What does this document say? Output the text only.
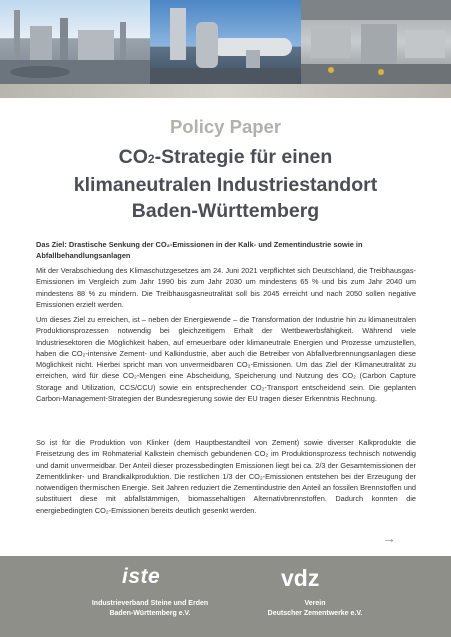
Policy Paper
CO2-Strategie für einen
klimaneutralen Industriestandort
Baden-Württemberg
Das Ziel: Drastische Senkung der CO₂-Emissionen in der Kalk- und Zementindustrie sowie in Abfallbehandlungsanlagen
Mit der Verabschiedung des Klimaschutzgesetzes am 24. Juni 2021 verpflichtet sich Deutschland, die Treibhausgas-Emissionen im Vergleich zum Jahr 1990 bis zum Jahr 2030 um mindestens 65 % und bis zum Jahr 2040 um mindestens 88 % zu mindern. Die Treibhausgasneutralität soll bis 2045 erreicht und nach 2050 sollen negative Emissionen erzielt werden.
Um dieses Ziel zu erreichen, ist – neben der Energiewende – die Transformation der Industrie hin zu klimaneutralen Produktionsprozessen notwendig bei gleichzeitigem Erhalt der Wettbewerbsfähigkeit. Während viele Industriesektoren die Möglichkeit haben, auf erneuerbare oder klimaneutrale Energien und Prozesse umzustellen, haben die CO₂-intensive Zement- und Kalkindustrie, aber auch die Betreiber von Abfallverbrennungsanlagen diese Möglichkeit nicht. Hierbei spricht man von unvermeidbaren CO₂-Emissionen. Um das Ziel der Klimaneutralität zu erreichen, wird für diese CO₂-Mengen eine Abscheidung, Speicherung und Nutzung des CO₂ (Carbon Capture Storage and Utilization, CCS/CCU) sowie ein entsprechender CO₂-Transport entscheidend sein. Die geplanten Carbon-Management-Strategien der Bundesregierung sowie der EU tragen dieser Erkenntnis Rechnung.
So ist für die Produktion von Klinker (dem Hauptbestandteil von Zement) sowie diverser Kalkprodukte die Freisetzung des im Rohmaterial Kalkstein chemisch gebundenen CO₂ im Produktionsprozess technisch notwendig und damit unvermeidbar. Der Anteil dieser prozessbedingten Emissionen liegt bei ca. 2/3 der Gesamtemissionen der Zementklinker- und Brandkalkproduktion. Die restlichen 1/3 der CO₂-Emissionen entstehen bei der Erzeugung der notwendigen thermischen Energie. Seit Jahren reduziert die Zementindustrie den Anteil an fossilen Brennstoffen und substituiert diese mit abfallstämmigen, biomassehaltigen Alternativbrennstoffen. Dadurch konnten die energiebedingten CO₂-Emissionen bereits deutlich gesenkt werden.
→
iste
Industrieverband Steine und Erden
Baden-Württemberg e.V.
vdz
Verein
Deutscher Zementwerke e.V.
